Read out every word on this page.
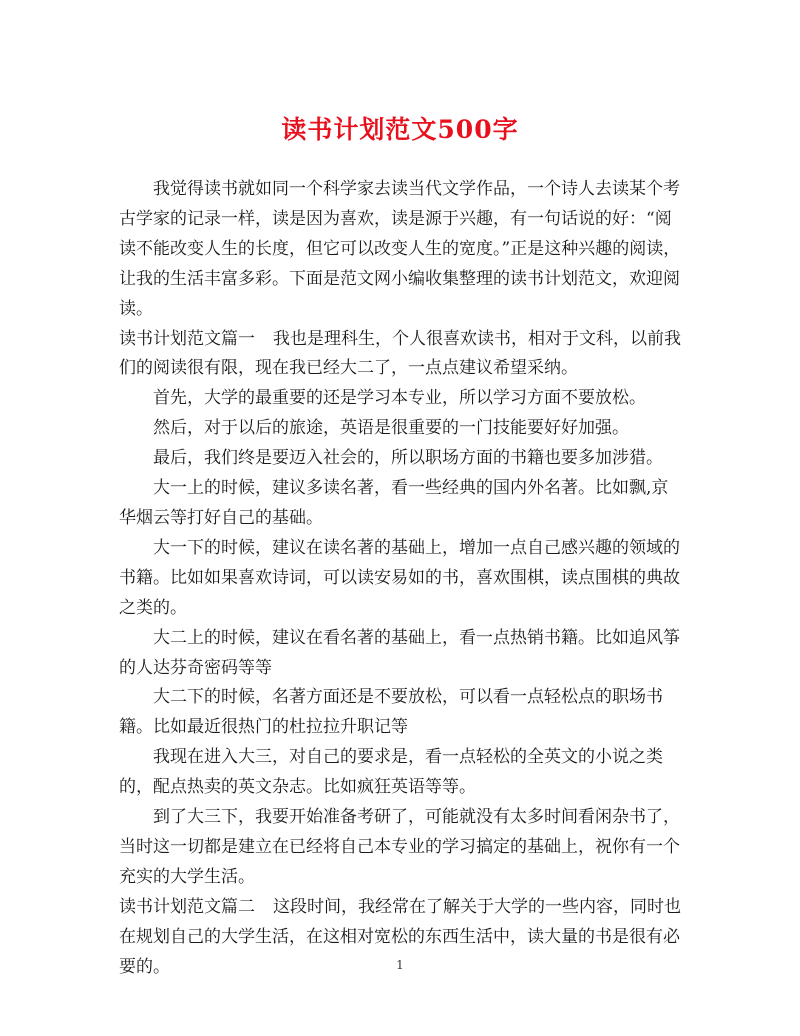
读书计划范文500字

我觉得读书就如同一个科学家去读当代文学作品，一个诗人去读某个考古学家的记录一样，读是因为喜欢，读是源于兴趣，有一句话说的好：“阅读不能改变人生的长度，但它可以改变人生的宽度。”正是这种兴趣的阅读，让我的生活丰富多彩。下面是范文网小编收集整理的读书计划范文，欢迎阅读。

读书计划范文篇一 我也是理科生，个人很喜欢读书，相对于文科，以前我们的阅读很有限，现在我已经大二了，一点点建议希望采纳。

首先，大学的最重要的还是学习本专业，所以学习方面不要放松。

然后，对于以后的旅途，英语是很重要的一门技能要好好加强。

最后，我们终是要迈入社会的，所以职场方面的书籍也要多加涉猎。

大一上的时候，建议多读名著，看一些经典的国内外名著。比如飘,京华烟云等打好自己的基础。

大一下的时候，建议在读名著的基础上，增加一点自己感兴趣的领域的书籍。比如如果喜欢诗词，可以读安易如的书，喜欢围棋，读点围棋的典故之类的。

大二上的时候，建议在看名著的基础上，看一点热销书籍。比如追风筝的人达芬奇密码等等

大二下的时候，名著方面还是不要放松，可以看一点轻松点的职场书籍。比如最近很热门的杜拉拉升职记等

我现在进入大三，对自己的要求是，看一点轻松的全英文的小说之类的，配点热卖的英文杂志。比如疯狂英语等等。

到了大三下，我要开始准备考研了，可能就没有太多时间看闲杂书了，当时这一切都是建立在已经将自己本专业的学习搞定的基础上，祝你有一个充实的大学生活。

读书计划范文篇二 这段时间，我经常在了解关于大学的一些内容，同时也在规划自己的大学生活，在这相对宽松的东西生活中，读大量的书是很有必要的。	1
